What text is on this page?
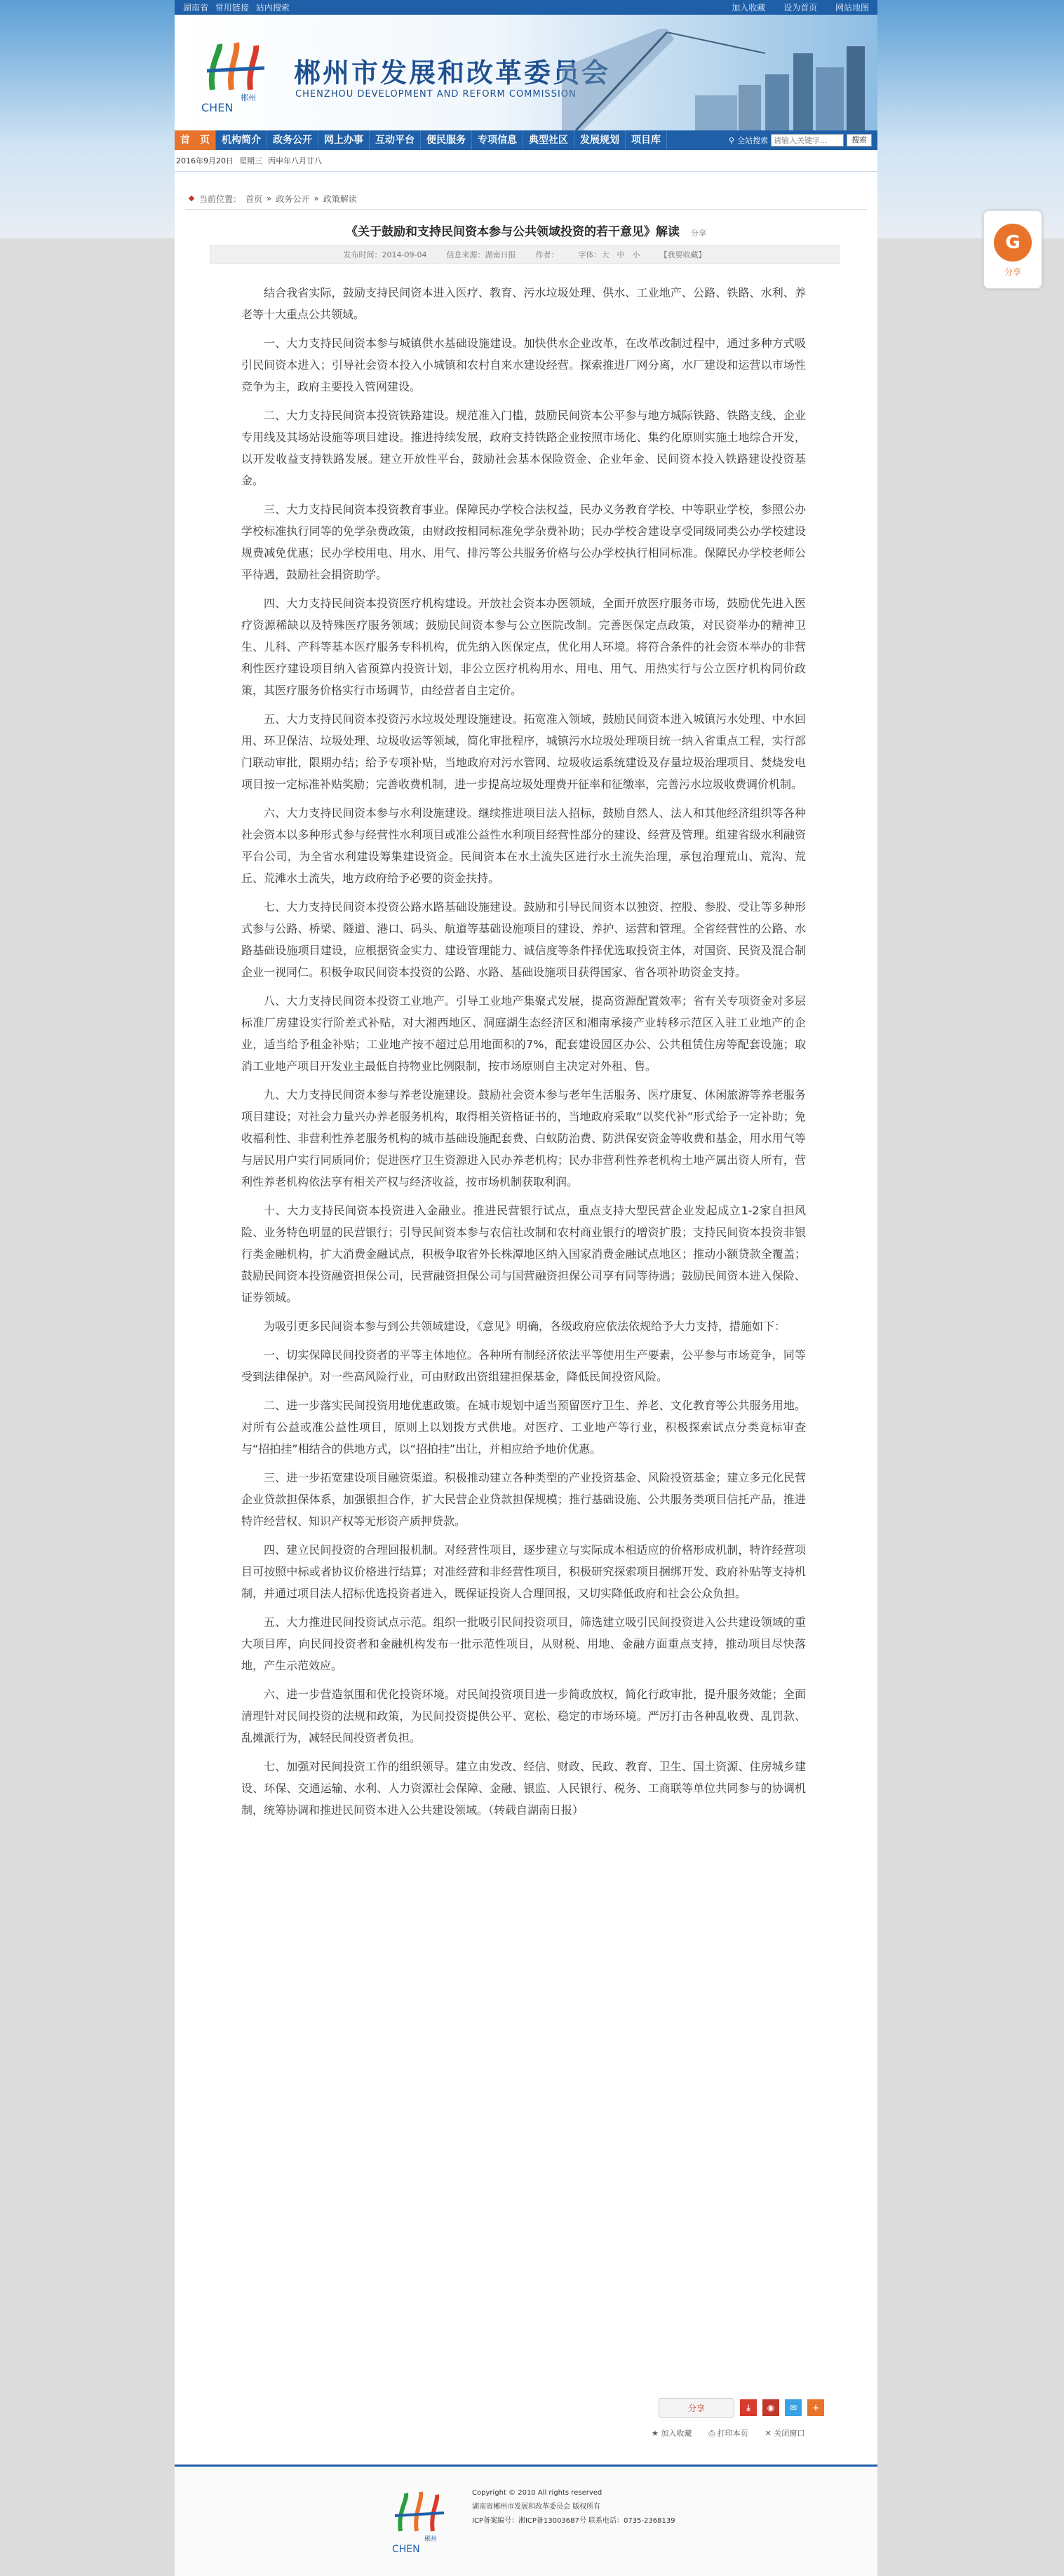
湖南省 常用链接 站内搜索	加入收藏 设为首页 网站地图
郴州
CHEN
郴州市发展和改革委员会
CHENZHOU DEVELOPMENT AND REFORM COMMISSION
首　页	机构简介	政务公开	网上办事	互动平台	便民服务	专项信息	典型社区	发展规划	项目库	⚲ 全站搜索
请输入关键字...	搜索
2016年9月20日 星期三 丙申年八月廿八
当前位置： 首页 » 政务公开 » 政策解读
《关于鼓励和支持民间资本参与公共领域投资的若干意见》解读 分享
发布时间：2014-09-04	信息来源：湖南日报	作者：	字体：大　中　小	【我要收藏】

结合我省实际，鼓励支持民间资本进入医疗、教育、污水垃圾处理、供水、工业地产、公路、铁路、水利、养老等十大重点公共领域。

一、大力支持民间资本参与城镇供水基础设施建设。加快供水企业改革，在改革改制过程中，通过多种方式吸引民间资本进入；引导社会资本投入小城镇和农村自来水建设经营。探索推进厂网分离，水厂建设和运营以市场性竞争为主，政府主要投入管网建设。

二、大力支持民间资本投资铁路建设。规范准入门槛，鼓励民间资本公平参与地方城际铁路、铁路支线、企业专用线及其场站设施等项目建设。推进持续发展，政府支持铁路企业按照市场化、集约化原则实施土地综合开发，以开发收益支持铁路发展。建立开放性平台，鼓励社会基本保险资金、企业年金、民间资本投入铁路建设投资基金。

三、大力支持民间资本投资教育事业。保障民办学校合法权益，民办义务教育学校、中等职业学校，参照公办学校标准执行同等的免学杂费政策，由财政按相同标准免学杂费补助；民办学校舍建设享受同级同类公办学校建设规费减免优惠；民办学校用电、用水、用气、排污等公共服务价格与公办学校执行相同标准。保障民办学校老师公平待遇，鼓励社会捐资助学。

四、大力支持民间资本投资医疗机构建设。开放社会资本办医领域，全面开放医疗服务市场，鼓励优先进入医疗资源稀缺以及特殊医疗服务领域；鼓励民间资本参与公立医院改制。完善医保定点政策，对民资举办的精神卫生、儿科、产科等基本医疗服务专科机构，优先纳入医保定点，优化用人环境。将符合条件的社会资本举办的非营利性医疗建设项目纳入省预算内投资计划，非公立医疗机构用水、用电、用气、用热实行与公立医疗机构同价政策，其医疗服务价格实行市场调节，由经营者自主定价。

五、大力支持民间资本投资污水垃圾处理设施建设。拓宽准入领域，鼓励民间资本进入城镇污水处理、中水回用、环卫保洁、垃圾处理、垃圾收运等领域，简化审批程序，城镇污水垃圾处理项目统一纳入省重点工程，实行部门联动审批，限期办结；给予专项补贴，当地政府对污水管网、垃圾收运系统建设及存量垃圾治理项目、焚烧发电项目按一定标准补贴奖励；完善收费机制，进一步提高垃圾处理费开征率和征缴率，完善污水垃圾收费调价机制。

六、大力支持民间资本参与水利设施建设。继续推进项目法人招标，鼓励自然人、法人和其他经济组织等各种社会资本以多种形式参与经营性水利项目或准公益性水利项目经营性部分的建设、经营及管理。组建省级水利融资平台公司，为全省水利建设筹集建设资金。民间资本在水土流失区进行水土流失治理，承包治理荒山、荒沟、荒丘、荒滩水土流失，地方政府给予必要的资金扶持。

七、大力支持民间资本投资公路水路基础设施建设。鼓励和引导民间资本以独资、控股、参股、受让等多种形式参与公路、桥梁、隧道、港口、码头、航道等基础设施项目的建设、养护、运营和管理。全省经营性的公路、水路基础设施项目建设，应根据资金实力、建设管理能力、诚信度等条件择优选取投资主体，对国资、民资及混合制企业一视同仁。积极争取民间资本投资的公路、水路、基础设施项目获得国家、省各项补助资金支持。

八、大力支持民间资本投资工业地产。引导工业地产集聚式发展，提高资源配置效率；省有关专项资金对多层标准厂房建设实行阶差式补贴，对大湘西地区、洞庭湖生态经济区和湘南承接产业转移示范区入驻工业地产的企业，适当给予租金补贴；工业地产按不超过总用地面积的7%，配套建设园区办公、公共租赁住房等配套设施；取消工业地产项目开发业主最低自持物业比例限制，按市场原则自主决定对外租、售。

九、大力支持民间资本参与养老设施建设。鼓励社会资本参与老年生活服务、医疗康复、休闲旅游等养老服务项目建设；对社会力量兴办养老服务机构，取得相关资格证书的，当地政府采取“以奖代补”形式给予一定补助；免收福利性、非营利性养老服务机构的城市基础设施配套费、白蚁防治费、防洪保安资金等收费和基金，用水用气等与居民用户实行同质同价；促进医疗卫生资源进入民办养老机构；民办非营利性养老机构土地产属出资人所有，营利性养老机构依法享有相关产权与经济收益，按市场机制获取利润。

十、大力支持民间资本投资进入金融业。推进民营银行试点，重点支持大型民营企业发起成立1-2家自担风险、业务特色明显的民营银行；引导民间资本参与农信社改制和农村商业银行的增资扩股；支持民间资本投资非银行类金融机构，扩大消费金融试点，积极争取省外长株潭地区纳入国家消费金融试点地区；推动小额贷款全覆盖；鼓励民间资本投资融资担保公司，民营融资担保公司与国营融资担保公司享有同等待遇；鼓励民间资本进入保险、证券领域。

为吸引更多民间资本参与到公共领域建设，《意见》明确，各级政府应依法依规给予大力支持，措施如下：

一、切实保障民间投资者的平等主体地位。各种所有制经济依法平等使用生产要素，公平参与市场竞争，同等受到法律保护。对一些高风险行业，可由财政出资组建担保基金，降低民间投资风险。

二、进一步落实民间投资用地优惠政策。在城市规划中适当预留医疗卫生、养老、文化教育等公共服务用地。对所有公益或准公益性项目，原则上以划拨方式供地。对医疗、工业地产等行业，积极探索试点分类竞标审查与“招拍挂”相结合的供地方式，以“招拍挂”出让，并相应给予地价优惠。

三、进一步拓宽建设项目融资渠道。积极推动建立各种类型的产业投资基金、风险投资基金；建立多元化民营企业贷款担保体系，加强银担合作，扩大民营企业贷款担保规模；推行基础设施、公共服务类项目信托产品，推进特许经营权、知识产权等无形资产质押贷款。

四、建立民间投资的合理回报机制。对经营性项目，逐步建立与实际成本相适应的价格形成机制，特许经营项目可按照中标或者协议价格进行结算；对准经营和非经营性项目，积极研究探索项目捆绑开发、政府补贴等支持机制，并通过项目法人招标优选投资者进入，既保证投资人合理回报，又切实降低政府和社会公众负担。

五、大力推进民间投资试点示范。组织一批吸引民间投资项目，筛选建立吸引民间投资进入公共建设领域的重大项目库，向民间投资者和金融机构发布一批示范性项目，从财税、用地、金融方面重点支持，推动项目尽快落地，产生示范效应。

六、进一步营造氛围和优化投资环境。对民间投资项目进一步简政放权，简化行政审批，提升服务效能；全面清理针对民间投资的法规和政策，为民间投资提供公平、宽松、稳定的市场环境。严厉打击各种乱收费、乱罚款、乱摊派行为，减轻民间投资者负担。

七、加强对民间投资工作的组织领导。建立由发改、经信、财政、民政、教育、卫生、国土资源、住房城乡建设、环保、交通运输、水利、人力资源社会保障、金融、银监、人民银行、税务、工商联等单位共同参与的协调机制，统筹协调和推进民间资本进入公共建设领域。（转载自湖南日报）

分享	⤓	◉	✉	+
★ 加入收藏 ⎙ 打印本页 ✕ 关闭窗口
郴州
CHEN
Copyright © 2010 All rights reserved
湖南省郴州市发展和改革委员会 版权所有
ICP备案编号：湘ICP备13003687号 联系电话：0735-2368139
G
分享
